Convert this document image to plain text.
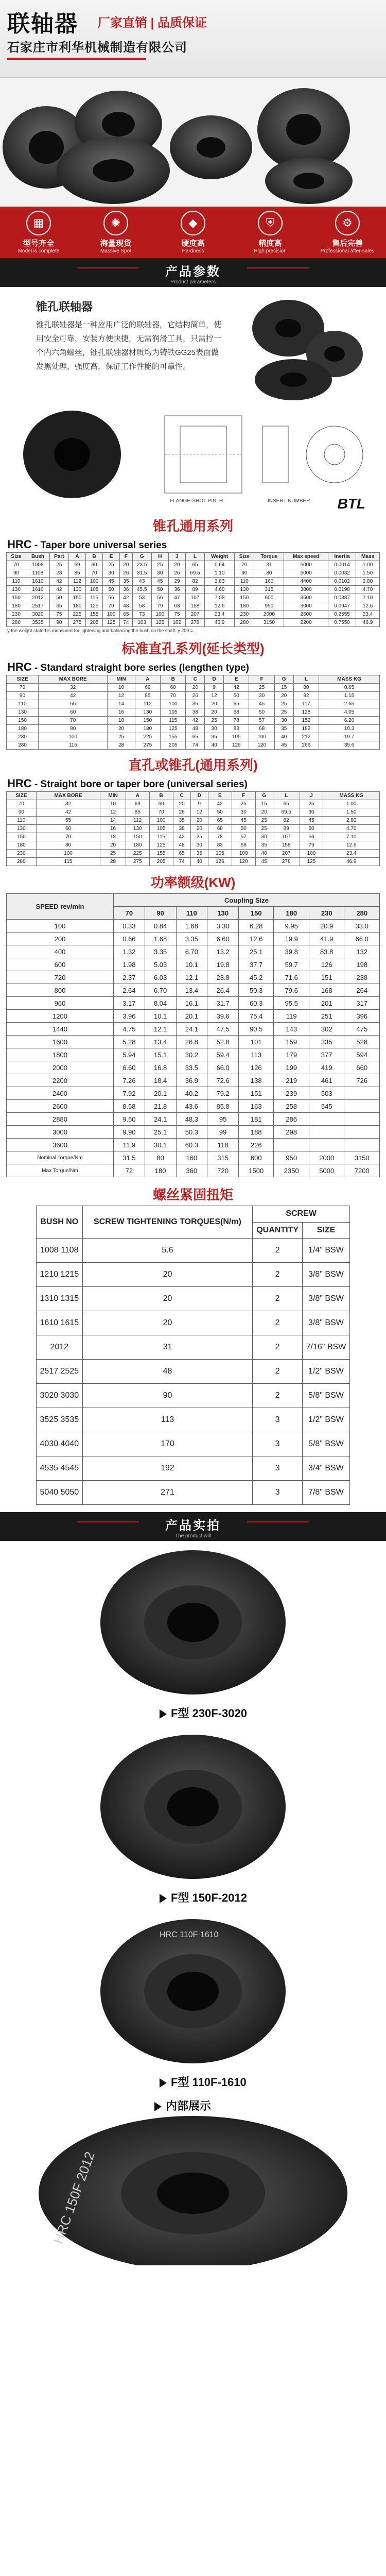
联轴器 厂家直销 | 品质保证
石家庄市利华机械制造有限公司
▦
型号齐全
Model is complete
✺
海量现货
Massive Spot
◆
硬度高
Hardness
⛨
精度高
High precision
⚙
售后完善
Professional after-sales
产品参数
Product parameters
锥孔联轴器
锥孔联轴器是一种应用广泛的联轴器，它结构简单，使用安全可靠，安装方便快捷，无需润滑工具，只需拧一个内六角螺丝，锥孔联轴器材质均为铸铁GG25表面做发黑处理，强度高，保证工作性能的可靠性。
FLANGE-SHOT PIN: H	INSERT NUMBER BTL
锥孔通用系列
HRC - Taper bore universal series
Size	Bush	Part	A	B	E	F	G	H	J	L	Weight	Size	Torque	Max speed	Inertia	Mass
70	1008	25	69	60	25	20	23.5	25	20	65	0.64	70	31	5000	0.0014	1.00
90	1108	28	85	70	30	26	31.5	30	26	69.5	1.10	90	80	5000	0.0032	1.50
110	1610	42	112	100	45	35	43	45	29	82	2.83	110	160	4400	0.0102	2.80
130	1610	42	130	105	50	36	45.5	50	36	89	4.60	130	315	3800	0.0198	4.70
150	2012	50	150	115	56	42	53	56	47	107	7.08	150	600	3500	0.0387	7.10
180	2517	65	180	125	79	48	58	79	63	158	12.6	180	950	3000	0.0947	12.6
230	3020	75	225	155	100	65	73	100	75	207	23.4	230	2000	2600	0.2555	23.4
280	3535	90	275	205	125	74	103	125	102	278	46.9	280	3150	2200	0.7550	46.9
y-the weight stated is measured for lightening and balancing the bush on the shaft. y 200 =.
标准直孔系列(延长类型)
HRC - Standard straight bore series (lengthen type)
SIZE	MAX BORE	MIN	A	B	C	D	E	F	G	L	MASS KG
70	32	10	69	60	20	9	42	25	15	80	0.65
90	42	12	85	70	26	12	50	30	20	92	1.15
110	55	14	112	100	35	20	65	45	25	117	2.65
130	60	16	130	105	38	20	68	50	25	128	4.05
150	70	18	150	115	42	25	78	57	30	152	6.20
180	80	20	180	125	48	30	83	68	35	182	10.3
230	100	25	225	155	65	35	105	100	40	212	19.7
280	115	28	275	205	74	40	126	120	45	266	35.6
直孔或锥孔(通用系列)
HRC - Straight bore or taper bore (universal series)
SIZE	MAX BORE	MIN	A	B	C	D	E	F	G	L	J	MASS KG
70	32	10	69	60	20	9	42	25	15	65	25	1.00
90	42	12	85	70	26	12	50	30	20	69.5	30	1.50
110	55	14	112	100	35	20	65	45	25	82	45	2.80
130	60	16	130	105	38	20	68	50	25	89	50	4.70
150	70	18	150	115	42	25	78	57	30	107	56	7.10
180	80	20	180	125	48	30	83	68	35	158	79	12.6
230	100	25	225	155	65	35	105	100	40	207	100	23.4
280	115	28	275	205	74	40	126	120	45	278	125	46.9
功率额级(KW)
SPEED rev/min	Coupling Size							
	70	90	110	130	150	180	230	280
100	0.33	0.84	1.68	3.30	6.28	9.95	20.9	33.0
200	0.66	1.68	3.35	6.60	12.6	19.9	41.9	66.0
400	1.32	3.35	6.70	13.2	25.1	39.8	83.8	132
600	1.98	5.03	10.1	19.8	37.7	59.7	126	198
720	2.37	6.03	12.1	23.8	45.2	71.6	151	238
800	2.64	6.70	13.4	26.4	50.3	79.6	168	264
960	3.17	8.04	16.1	31.7	60.3	95.5	201	317
1200	3.96	10.1	20.1	39.6	75.4	119	251	396
1440	4.75	12.1	24.1	47.5	90.5	143	302	475
1600	5.28	13.4	26.8	52.8	101	159	335	528
1800	5.94	15.1	30.2	59.4	113	179	377	594
2000	6.60	16.8	33.5	66.0	126	199	419	660
2200	7.26	18.4	36.9	72.6	138	219	461	726
2400	7.92	20.1	40.2	79.2	151	239	503	
2600	8.58	21.8	43.6	85.8	163	258	545	
2880	9.50	24.1	48.3	95	181	286		
3000	9.90	25.1	50.3	99	188	298		
3600	11.9	30.1	60.3	118	226			
Nominal Torque/Nm	31.5	80	160	315	600	950	2000	3150
Max Torque/Nm	72	180	360	720	1500	2350	5000	7200
螺丝紧固扭矩
BUSH NO	SCREW TIGHTENING TORQUES(N/m)	SCREW	
		QUANTITY	SIZE
1008 1108	5.6	2	1/4" BSW
1210 1215	20	2	3/8" BSW
1310 1315	20	2	3/8" BSW
1610 1615	20	2	3/8" BSW
2012	31	2	7/16" BSW
2517 2525	48	2	1/2" BSW
3020 3030	90	2	5/8" BSW
3525 3535	113	3	1/2" BSW
4030 4040	170	3	5/8" BSW
4535 4545	192	3	3/4" BSW
5040 5050	271	3	7/8" BSW
产品实拍
The product will
F型 230F-3020
F型 150F-2012
F型 110F-1610
HRC 110F 1610
内部展示
HRC 150F 2012
